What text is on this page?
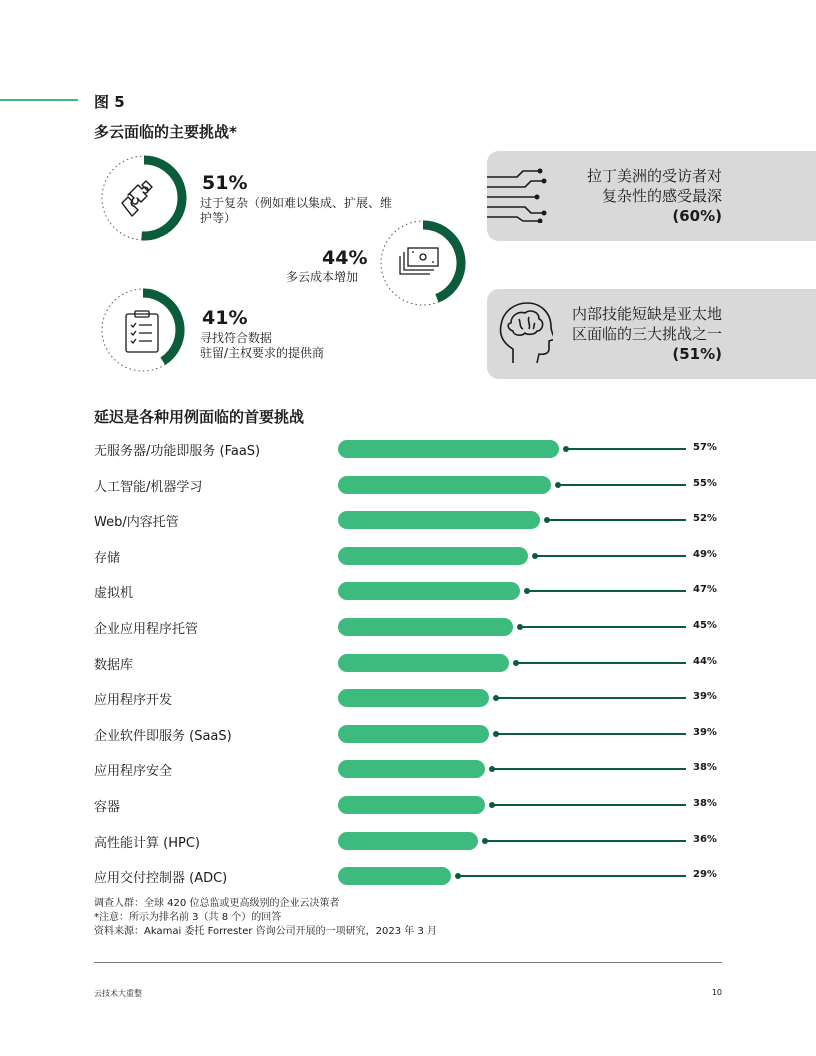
图 5
多云面临的主要挑战*
51%
过于复杂（例如难以集成、扩展、维
护等）
44%
多云成本增加
41%
寻找符合数据
驻留/主权要求的提供商
拉丁美洲的受访者对
复杂性的感受最深
(60%)
内部技能短缺是亚太地
区面临的三大挑战之一
(51%)
延迟是各种用例面临的首要挑战
无服务器/功能即服务 (FaaS)	57%
人工智能/机器学习	55%
Web/内容托管	52%
存储	49%
虚拟机	47%
企业应用程序托管	45%
数据库	44%
应用程序开发	39%
企业软件即服务 (SaaS)	39%
应用程序安全	38%
容器	38%
高性能计算 (HPC)	36%
应用交付控制器 (ADC)	29%
调查人群：全球 420 位总监或更高级别的企业云决策者
*注意：所示为排名前 3（共 8 个）的回答
资料来源：Akamai 委托 Forrester 咨询公司开展的一项研究，2023 年 3 月
云技术大重整	10
